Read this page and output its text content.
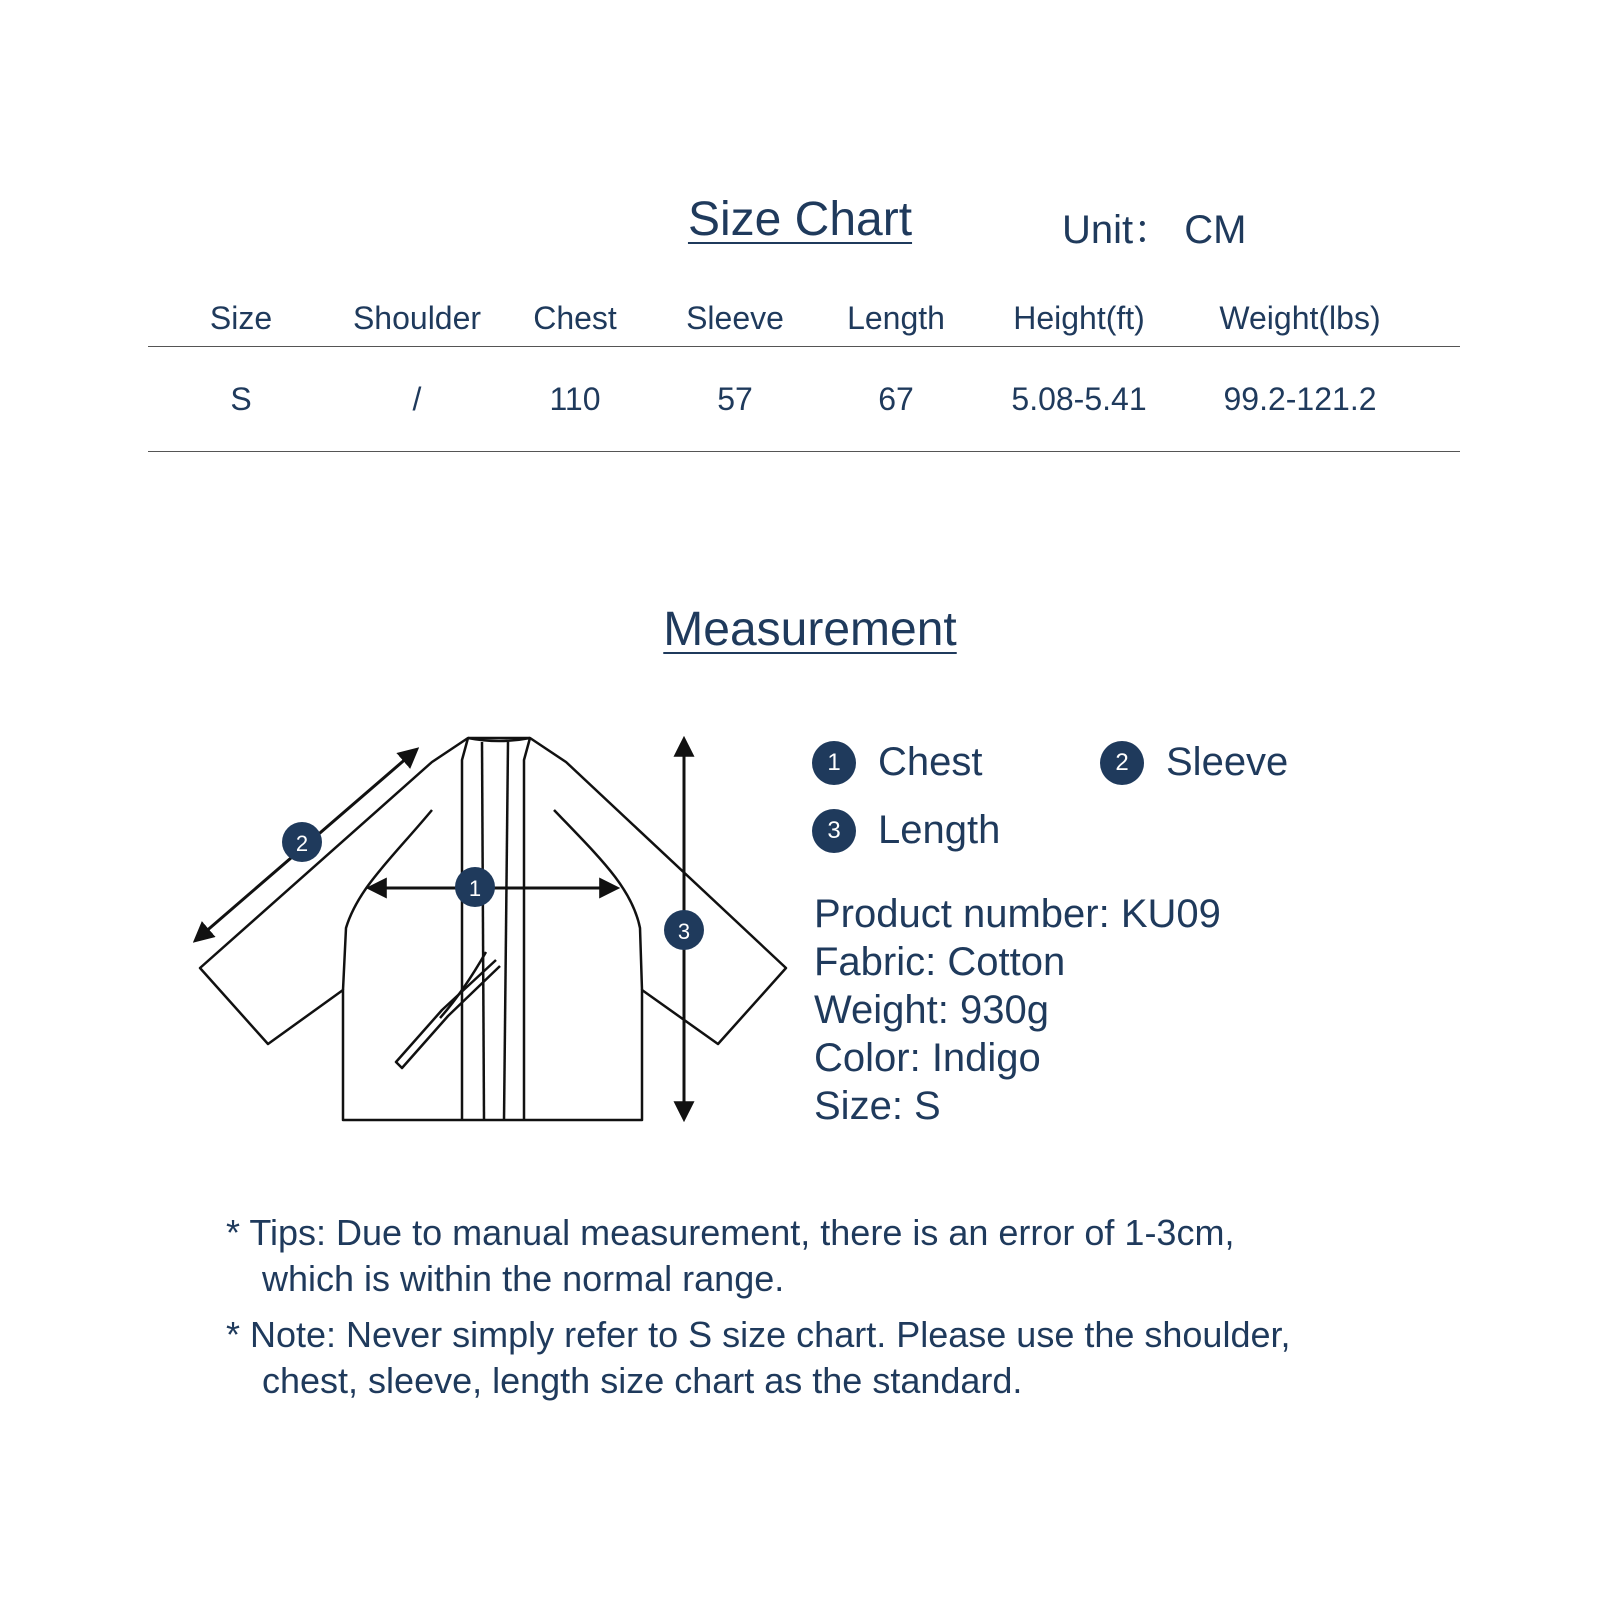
Size Chart	Unit： CM
Size	Shoulder	Chest	Sleeve	Length	Height(ft)	Weight(lbs)	
S	/	110	57	67	5.08-5.41	99.2-121.2	
Measurement
1
2
3
1 Chest	2 Sleeve
3 Length
Product number: KU09
Fabric: Cotton
Weight: 930g
Color: Indigo
Size: S
* Tips: Due to manual measurement, there is an error of 1-3cm,
which is within the normal range.
* Note: Never simply refer to S size chart. Please use the shoulder,
chest, sleeve, length size chart as the standard.
